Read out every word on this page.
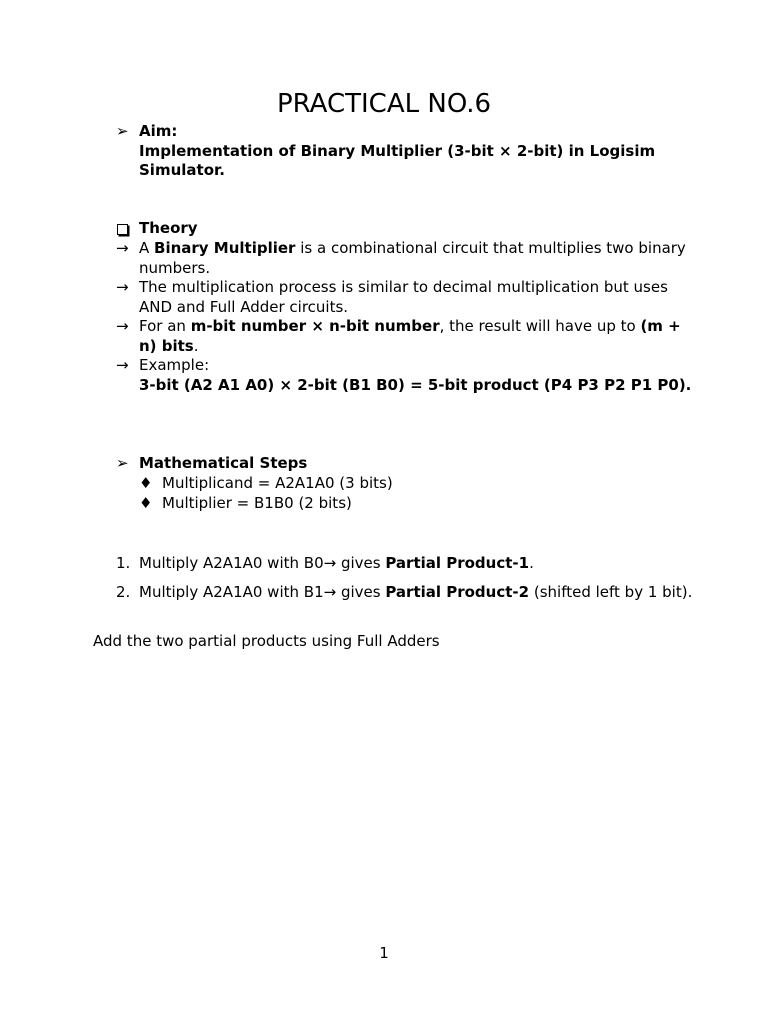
PRACTICAL NO.6
➢ Aim:
Implementation of Binary Multiplier (3-bit × 2-bit) in Logisim Simulator.
Theory
→ A Binary Multiplier is a combinational circuit that multiplies two binary numbers.
→ The multiplication process is similar to decimal multiplication but uses AND and Full Adder circuits.
→ For an m-bit number × n-bit number, the result will have up to (m + n) bits.
→ Example:
3-bit (A2 A1 A0) × 2-bit (B1 B0) = 5-bit product (P4 P3 P2 P1 P0).
➢ Mathematical Steps
♦ Multiplicand = A2A1A0 (3 bits)
♦ Multiplier = B1B0 (2 bits)
1. Multiply A2A1A0 with B0→ gives Partial Product-1.
2. Multiply A2A1A0 with B1→ gives Partial Product-2 (shifted left by 1 bit).
Add the two partial products using Full Adders
1
